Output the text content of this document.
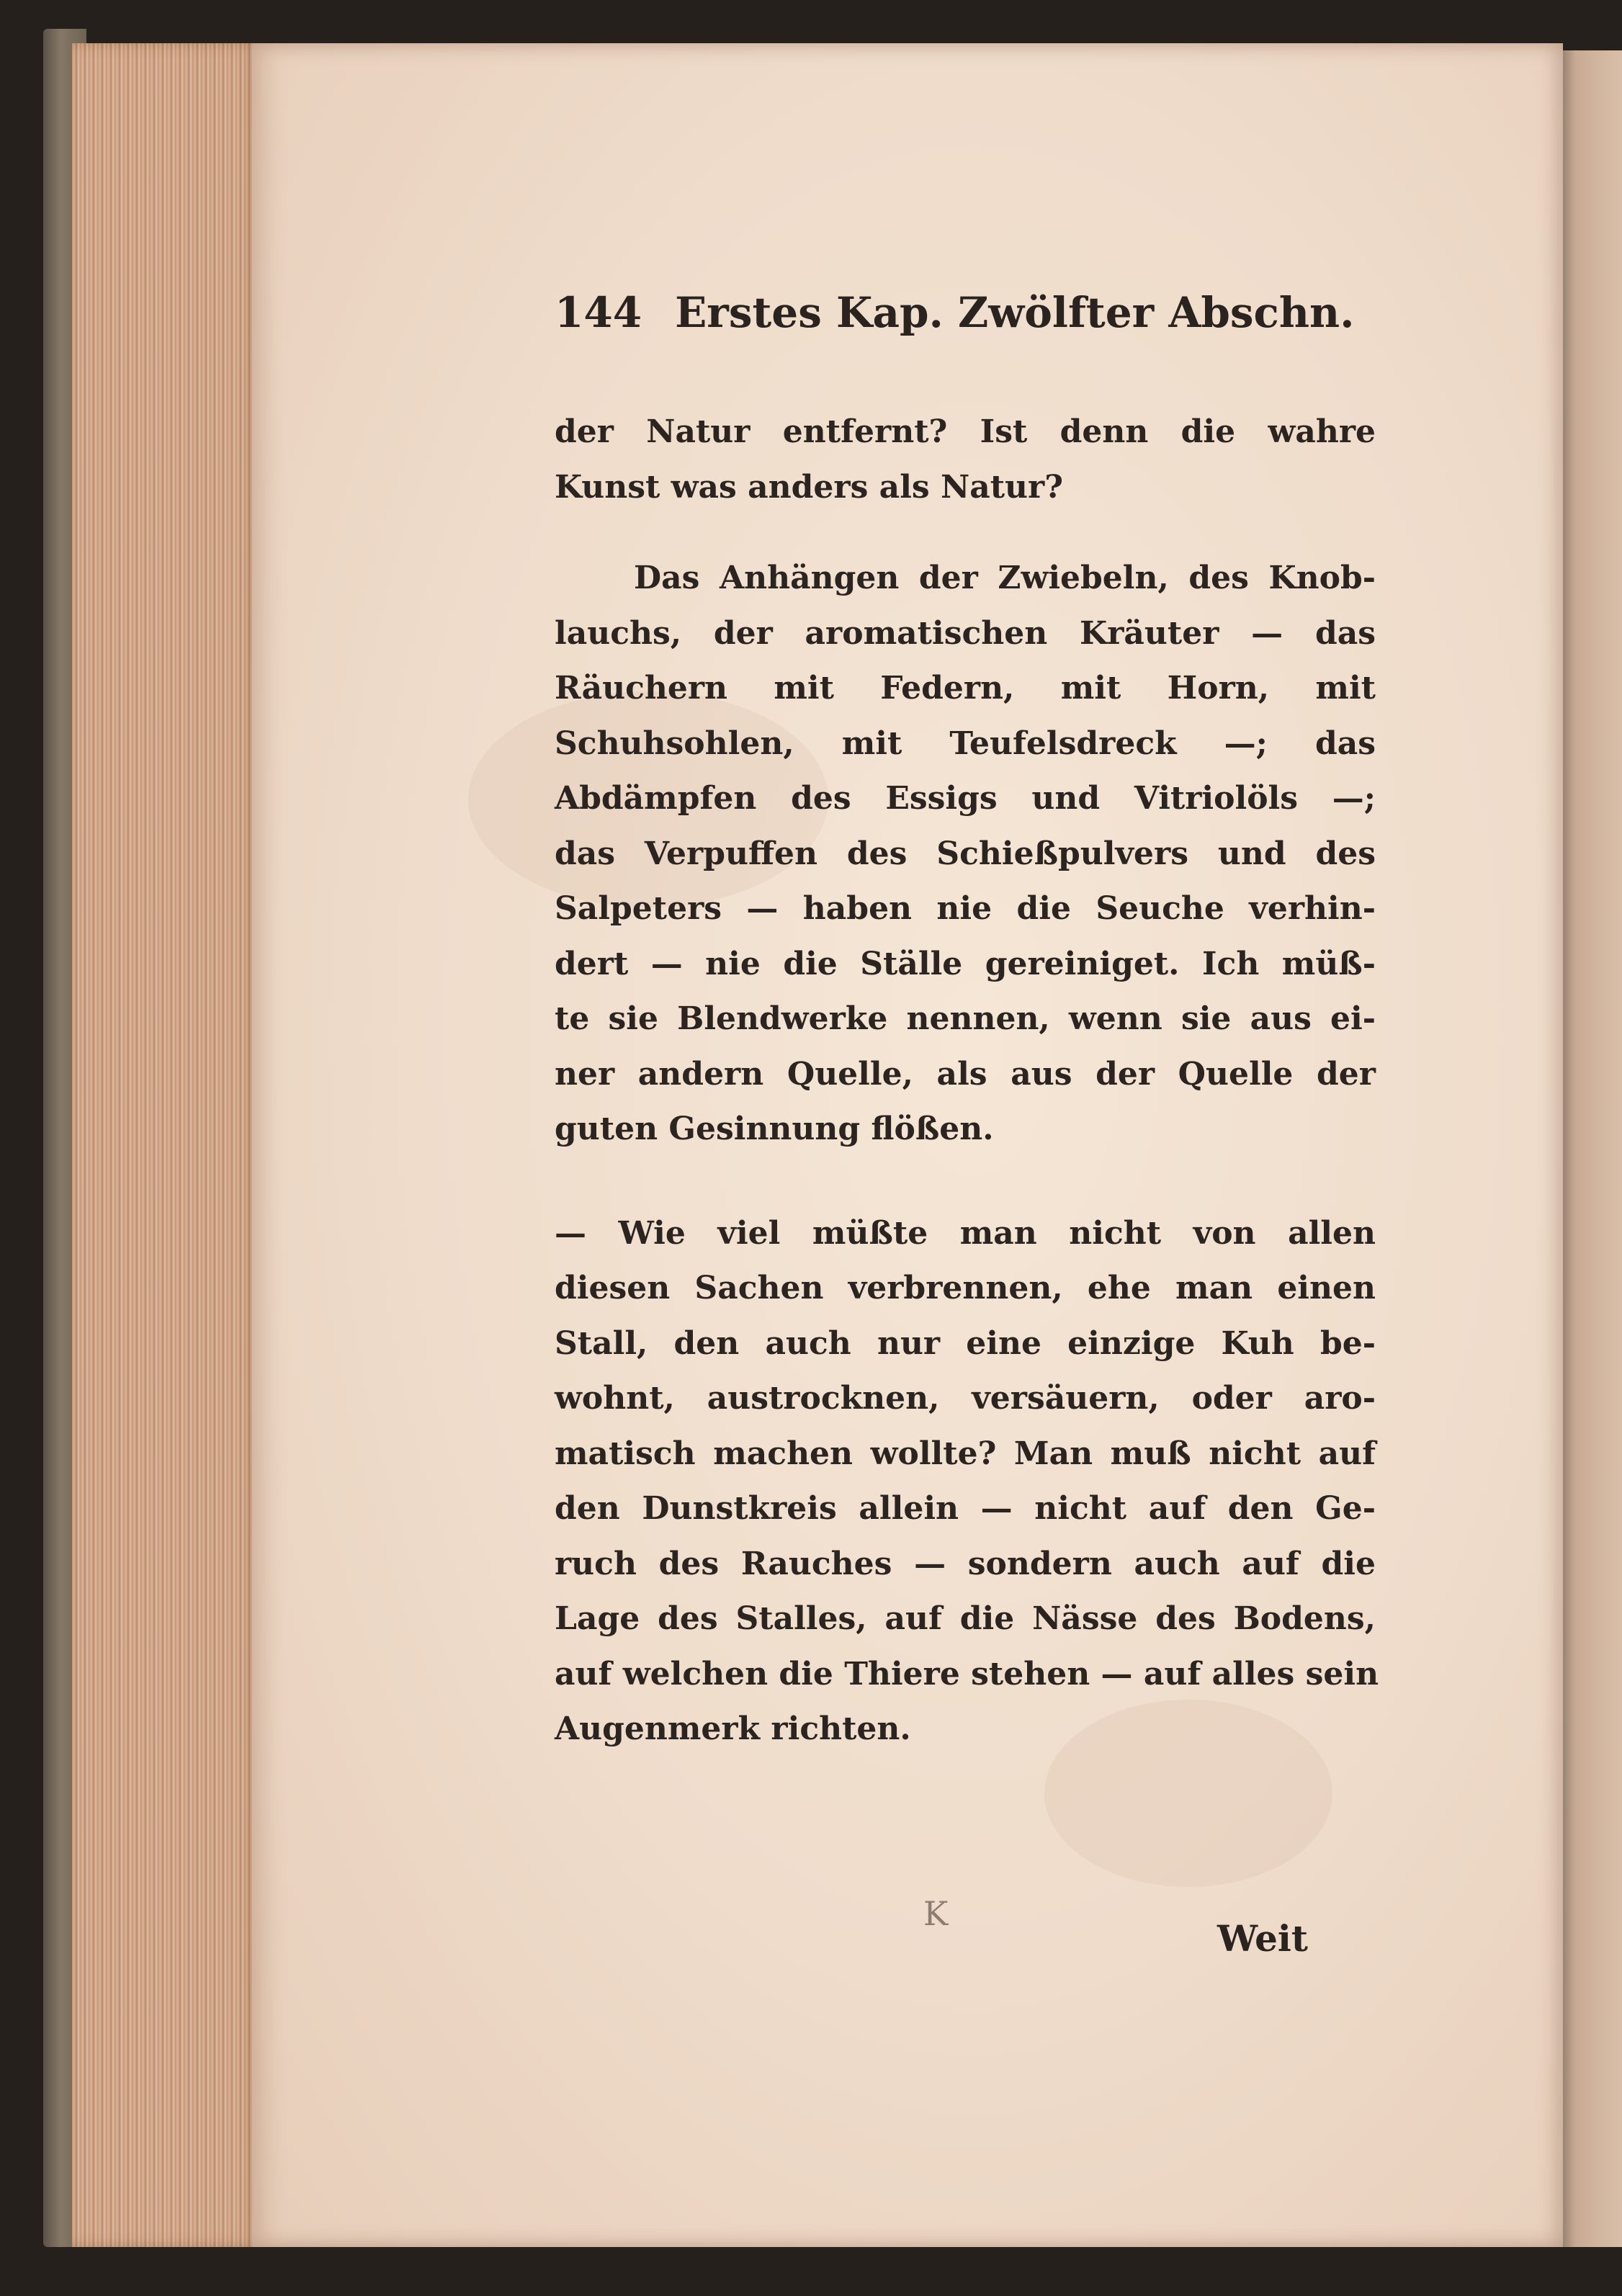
144 Erstes Kap. Zwölfter Abschn.
der Natur entfernt? Ist denn die wahre
Kunst was anders als Natur?
Das Anhängen der Zwiebeln, des Knob-
lauchs, der aromatischen Kräuter — das
Räuchern mit Federn, mit Horn, mit
Schuhsohlen, mit Teufelsdreck —; das
Abdämpfen des Essigs und Vitriolöls —;
das Verpuffen des Schießpulvers und des
Salpeters — haben nie die Seuche verhin-
dert — nie die Ställe gereiniget. Ich müß-
te sie Blendwerke nennen, wenn sie aus ei-
ner andern Quelle, als aus der Quelle der
guten Gesinnung flößen.
— Wie viel müßte man nicht von allen
diesen Sachen verbrennen, ehe man einen
Stall, den auch nur eine einzige Kuh be-
wohnt, austrocknen, versäuern, oder aro-
matisch machen wollte? Man muß nicht auf
den Dunstkreis allein — nicht auf den Ge-
ruch des Rauches — sondern auch auf die
Lage des Stalles, auf die Nässe des Bodens,
auf welchen die Thiere stehen — auf alles sein
Augenmerk richten.
K
Weit
